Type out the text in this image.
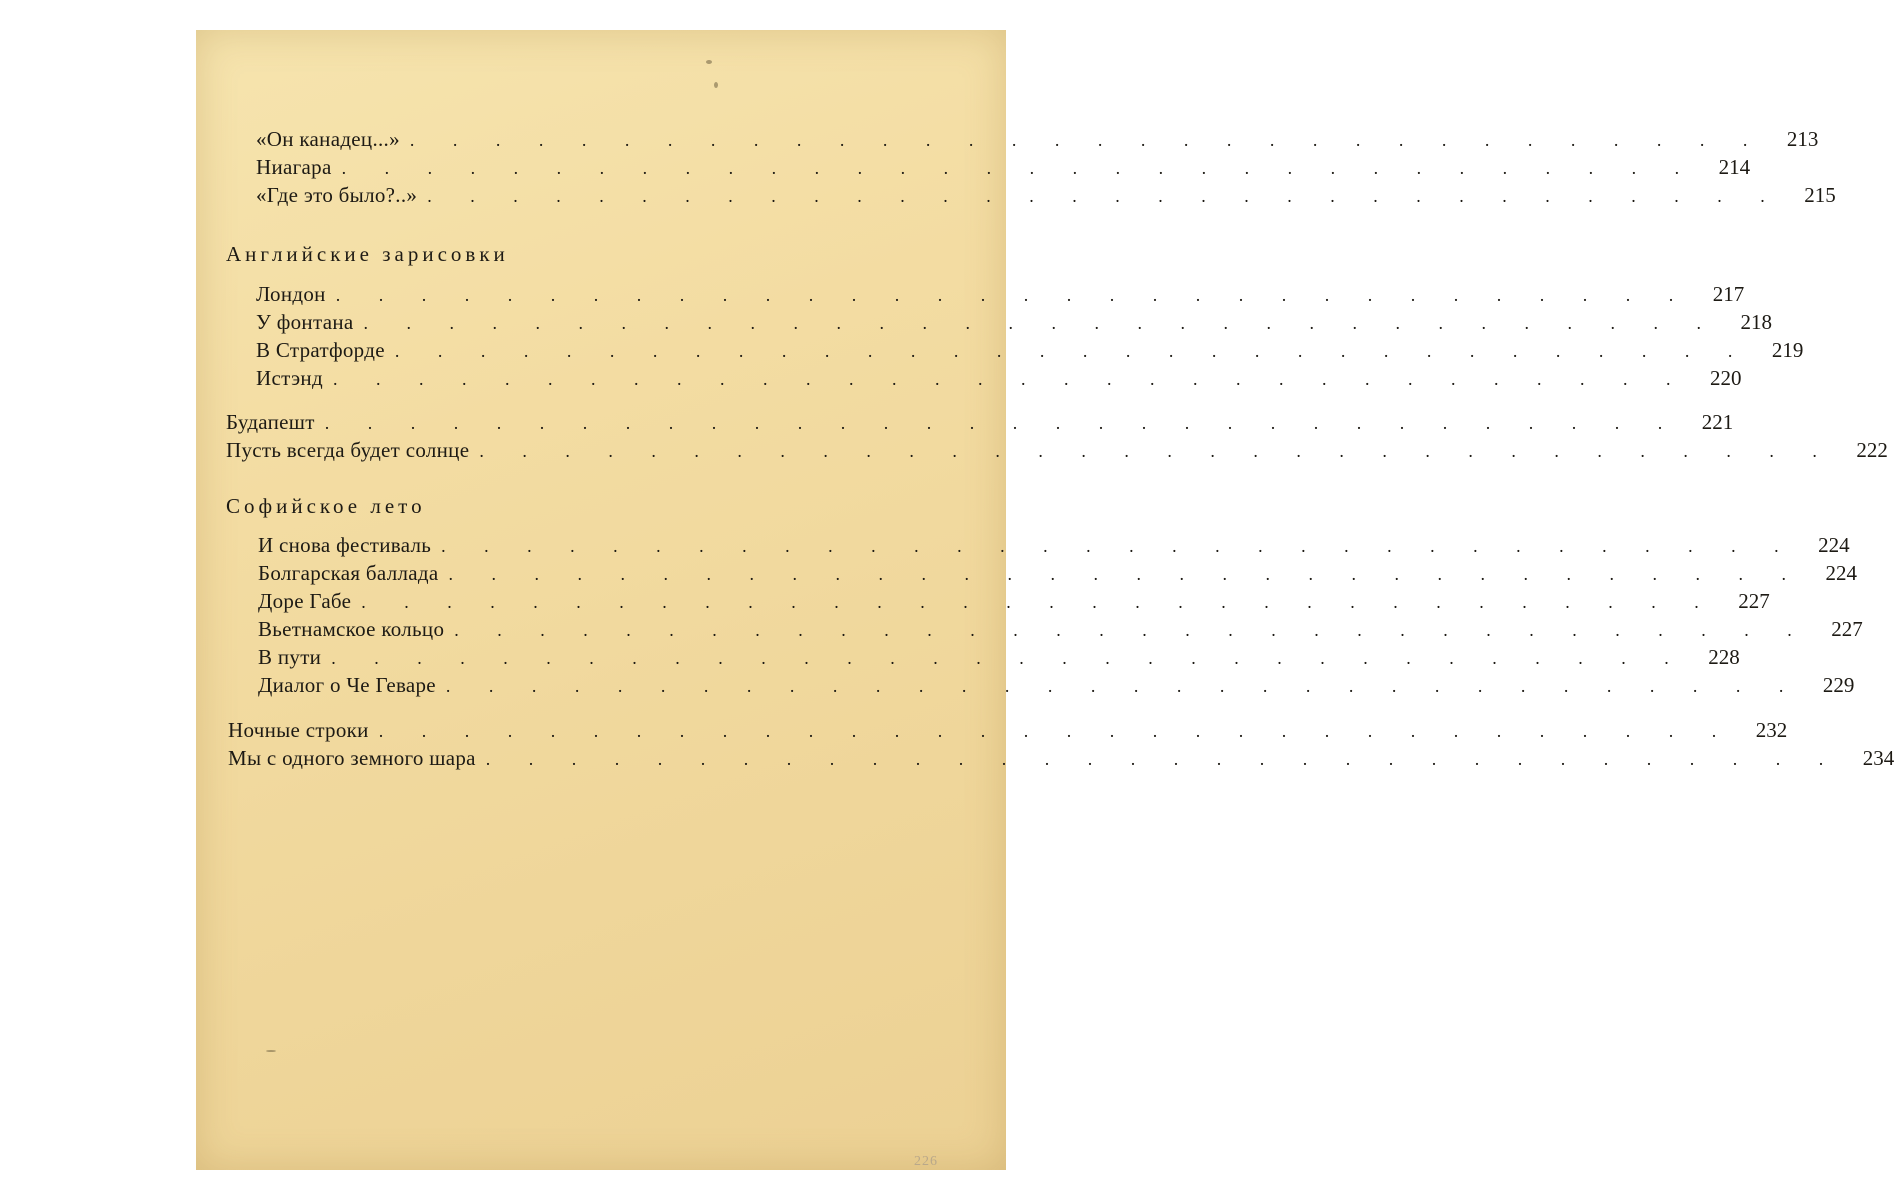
«Он канадец...» . . . . . . . . . . . . . . . . . . . . . . . . . . . . . . . .	213
Ниагара . . . . . . . . . . . . . . . . . . . . . . . . . . . . . . . .	214
«Где это было?..» . . . . . . . . . . . . . . . . . . . . . . . . . . . . . . . .	215
Английские зарисовки
Лондон . . . . . . . . . . . . . . . . . . . . . . . . . . . . . . . .	217
У фонтана . . . . . . . . . . . . . . . . . . . . . . . . . . . . . . . .	218
В Стратфорде . . . . . . . . . . . . . . . . . . . . . . . . . . . . . . . .	219
Истэнд . . . . . . . . . . . . . . . . . . . . . . . . . . . . . . . .	220
Будапешт . . . . . . . . . . . . . . . . . . . . . . . . . . . . . . . .	221
Пусть всегда будет солнце . . . . . . . . . . . . . . . . . . . . . . . . . . . . . . . .	222
Софийское лето
И снова фестиваль . . . . . . . . . . . . . . . . . . . . . . . . . . . . . . . .	224
Болгарская баллада . . . . . . . . . . . . . . . . . . . . . . . . . . . . . . . .	224
Доре Габе . . . . . . . . . . . . . . . . . . . . . . . . . . . . . . . .	227
Вьетнамское кольцо . . . . . . . . . . . . . . . . . . . . . . . . . . . . . . . .	227
В пути . . . . . . . . . . . . . . . . . . . . . . . . . . . . . . . .	228
Диалог о Че Геваре . . . . . . . . . . . . . . . . . . . . . . . . . . . . . . . .	229
Ночные строки . . . . . . . . . . . . . . . . . . . . . . . . . . . . . . . .	232
Мы с одного земного шара . . . . . . . . . . . . . . . . . . . . . . . . . . . . . . . .	234
226
